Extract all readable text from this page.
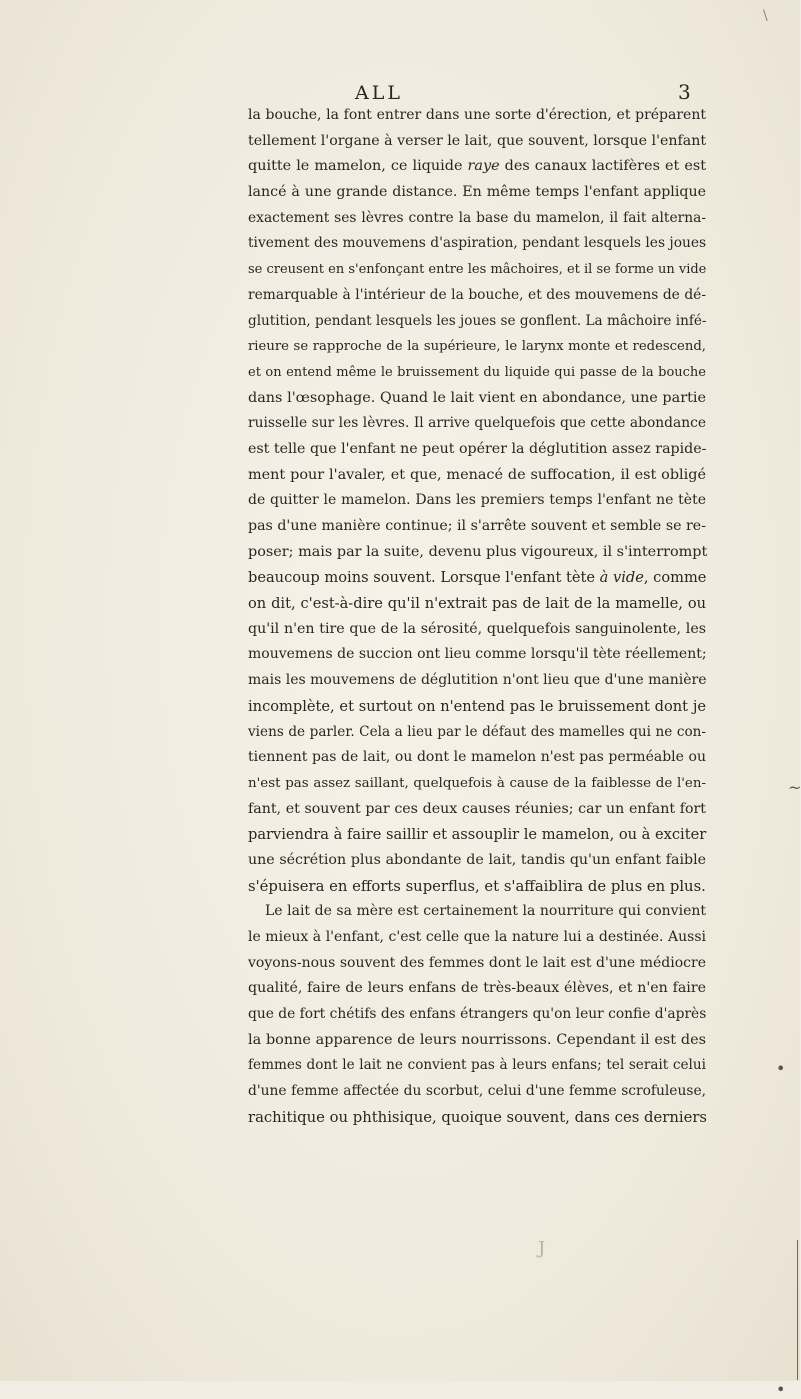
\
ALL	3
la bouche, la font entrer dans une sorte d'érection, et préparent
tellement l'organe à verser le lait, que souvent, lorsque l'enfant
quitte le mamelon, ce liquide raye des canaux lactifères et est
lancé à une grande distance. En même temps l'enfant applique
exactement ses lèvres contre la base du mamelon, il fait alterna-
tivement des mouvemens d'aspiration, pendant lesquels les joues
se creusent en s'enfonçant entre les mâchoires, et il se forme un vide
remarquable à l'intérieur de la bouche, et des mouvemens de dé-
glutition, pendant lesquels les joues se gonflent. La mâchoire infé-
rieure se rapproche de la supérieure, le larynx monte et redescend,
et on entend même le bruissement du liquide qui passe de la bouche
dans l'œsophage. Quand le lait vient en abondance, une partie
ruisselle sur les lèvres. Il arrive quelquefois que cette abondance
est telle que l'enfant ne peut opérer la déglutition assez rapide-
ment pour l'avaler, et que, menacé de suffocation, il est obligé
de quitter le mamelon. Dans les premiers temps l'enfant ne tète
pas d'une manière continue; il s'arrête souvent et semble se re-
poser; mais par la suite, devenu plus vigoureux, il s'interrompt
beaucoup moins souvent. Lorsque l'enfant tète à vide, comme
on dit, c'est-à-dire qu'il n'extrait pas de lait de la mamelle, ou
qu'il n'en tire que de la sérosité, quelquefois sanguinolente, les
mouvemens de succion ont lieu comme lorsqu'il tète réellement;
mais les mouvemens de déglutition n'ont lieu que d'une manière
incomplète, et surtout on n'entend pas le bruissement dont je
viens de parler. Cela a lieu par le défaut des mamelles qui ne con-
tiennent pas de lait, ou dont le mamelon n'est pas perméable ou
n'est pas assez saillant, quelquefois à cause de la faiblesse de l'en-
fant, et souvent par ces deux causes réunies; car un enfant fort
parviendra à faire saillir et assouplir le mamelon, ou à exciter
une sécrétion plus abondante de lait, tandis qu'un enfant faible
s'épuisera en efforts superflus, et s'affaiblira de plus en plus.
Le lait de sa mère est certainement la nourriture qui convient
le mieux à l'enfant, c'est celle que la nature lui a destinée. Aussi
voyons-nous souvent des femmes dont le lait est d'une médiocre
qualité, faire de leurs enfans de très-beaux élèves, et n'en faire
que de fort chétifs des enfans étrangers qu'on leur confie d'après
la bonne apparence de leurs nourrissons. Cependant il est des
femmes dont le lait ne convient pas à leurs enfans; tel serait celui
d'une femme affectée du scorbut, celui d'une femme scrofuleuse,
rachitique ou phthisique, quoique souvent, dans ces derniers
~
•
•
J
